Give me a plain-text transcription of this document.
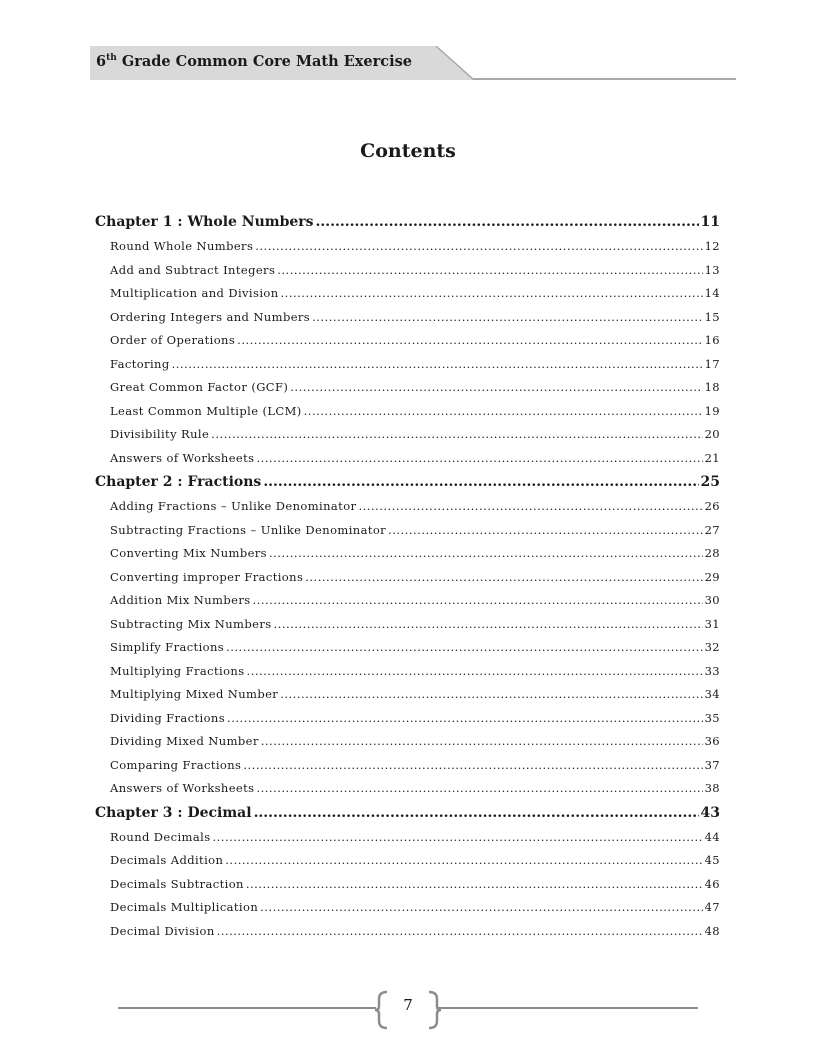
6th Grade Common Core Math Exercise
Contents
Chapter 1 : Whole Numbers .....	11
Round Whole Numbers .....	12
Add and Subtract Integers .....	13
Multiplication and Division .....	14
Ordering Integers and Numbers .....	15
Order of Operations .....	16
Factoring .....	17
Great Common Factor (GCF) .....	18
Least Common Multiple (LCM) .....	19
Divisibility Rule .....	20
Answers of Worksheets .....	21
Chapter 2 : Fractions .....	25
Adding Fractions – Unlike Denominator .....	26
Subtracting Fractions – Unlike Denominator .....	27
Converting Mix Numbers .....	28
Converting improper Fractions .....	29
Addition Mix Numbers .....	30
Subtracting Mix Numbers .....	31
Simplify Fractions .....	32
Multiplying Fractions .....	33
Multiplying Mixed Number .....	34
Dividing Fractions .....	35
Dividing Mixed Number .....	36
Comparing Fractions .....	37
Answers of Worksheets .....	38
Chapter 3 : Decimal .....	43
Round Decimals .....	44
Decimals Addition .....	45
Decimals Subtraction .....	46
Decimals Multiplication .....	47
Decimal Division .....	48
7
